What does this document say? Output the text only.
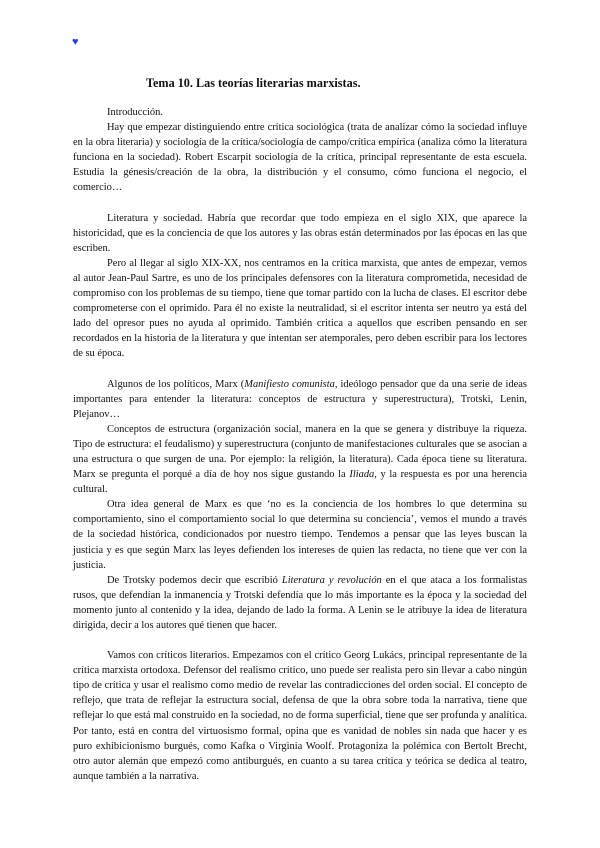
♥
Tema 10. Las teorías literarias marxistas.

Introducción.

Hay que empezar distinguiendo entre crítica sociológica (trata de analizar cómo la sociedad influye en la obra literaria) y sociología de la crítica/sociología de campo/crítica empírica (analiza cómo la literatura funciona en la sociedad). Robert Escarpit sociología de la crítica, principal representante de esta escuela. Estudia la génesis/creación de la obra, la distribución y el consumo, cómo funciona el negocio, el comercio…

Literatura y sociedad. Habría que recordar que todo empieza en el siglo XIX, que aparece la historicidad, que es la conciencia de que los autores y las obras están determinados por las épocas en las que escriben.

Pero al llegar al siglo XIX-XX, nos centramos en la crítica marxista, que antes de empezar, vemos al autor Jean-Paul Sartre, es uno de los principales defensores con la literatura comprometida, necesidad de compromiso con los problemas de su tiempo, tiene que tomar partido con la lucha de clases. El escritor debe comprometerse con el oprimido. Para él no existe la neutralidad, si el escritor intenta ser neutro ya está del lado del opresor pues no ayuda al oprimido. También critica a aquellos que escriben pensando en ser recordados en la historia de la literatura y que intentan ser atemporales, pero deben escribir para los lectores de su época.

Algunos de los políticos, Marx (Manifiesto comunista, ideólogo pensador que da una serie de ideas importantes para entender la literatura: conceptos de estructura y superestructura), Trotski, Lenin, Plejanov…

Conceptos de estructura (organización social, manera en la que se genera y distribuye la riqueza. Tipo de estructura: el feudalismo) y superestructura (conjunto de manifestaciones culturales que se asocian a una estructura o que surgen de una. Por ejemplo: la religión, la literatura). Cada época tiene su literatura. Marx se pregunta el porqué a día de hoy nos sigue gustando la Iliada, y la respuesta es por una herencia cultural.

Otra idea general de Marx es que ‘no es la conciencia de los hombres lo que determina su comportamiento, sino el comportamiento social lo que determina su conciencia’, vemos el mundo a través de la sociedad histórica, condicionados por nuestro tiempo. Tendemos a pensar que las leyes buscan la justicia y es que según Marx las leyes defienden los intereses de quien las redacta, no tiene que ver con la justicia.

De Trotsky podemos decir que escribió Literatura y revolución en el que ataca a los formalistas rusos, que defendían la inmanencia y Trotski defendía que lo más importante es la época y la sociedad del momento junto al contenido y la idea, dejando de lado la forma. A Lenin se le atribuye la idea de literatura dirigida, decir a los autores qué tienen que hacer.

Vamos con críticos literarios. Empezamos con el crítico Georg Lukács, principal representante de la crítica marxista ortodoxa. Defensor del realismo crítico, uno puede ser realista pero sin llevar a cabo ningún tipo de crítica y usar el realismo como medio de revelar las contradicciones del orden social. El concepto de reflejo, que trata de reflejar la estructura social, defensa de que la obra sobre toda la narrativa, tiene que reflejar lo que está mal construido en la sociedad, no de forma superficial, tiene que ser profunda y analítica. Por tanto, está en contra del virtuosismo formal, opina que es vanidad de nobles sin nada que hacer y es puro exhibicionismo burgués, como Kafka o Virginia Woolf. Protagoniza la polémica con Bertolt Brecht, otro autor alemán que empezó como antiburgués, en cuanto a su tarea crítica y teórica se dedica al teatro, aunque también a la narrativa.
